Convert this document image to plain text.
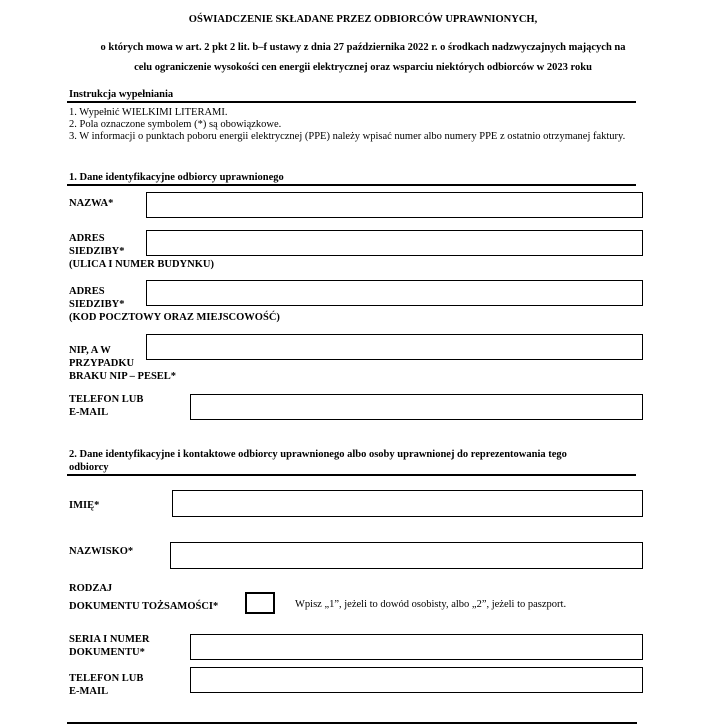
OŚWIADCZENIE SKŁADANE PRZEZ ODBIORCÓW UPRAWNIONYCH,
o których mowa w art. 2 pkt 2 lit. b–f ustawy z dnia 27 października 2022 r. o środkach nadzwyczajnych mających na
celu ograniczenie wysokości cen energii elektrycznej oraz wsparciu niektórych odbiorców w 2023 roku
Instrukcja wypełniania
1. Wypełnić WIELKIMI LITERAMI.
2. Pola oznaczone symbolem (*) są obowiązkowe.
3. W informacji o punktach poboru energii elektrycznej (PPE) należy wpisać numer albo numery PPE z ostatnio otrzymanej faktury.
1. Dane identyfikacyjne odbiorcy uprawnionego
NAZWA*
ADRES
SIEDZIBY*
(ULICA I NUMER BUDYNKU)
ADRES
SIEDZIBY*
(KOD POCZTOWY ORAZ MIEJSCOWOŚĆ)
NIP, A W
PRZYPADKU
BRAKU NIP – PESEL*
TELEFON LUB
E-MAIL
2. Dane identyfikacyjne i kontaktowe odbiorcy uprawnionego albo osoby uprawnionej do reprezentowania tego
odbiorcy
IMIĘ*
NAZWISKO*
RODZAJ
DOKUMENTU TOŻSAMOŚCI*	Wpisz „1”, jeżeli to dowód osobisty, albo „2”, jeżeli to paszport.
SERIA I NUMER
DOKUMENTU*
TELEFON LUB
E-MAIL
